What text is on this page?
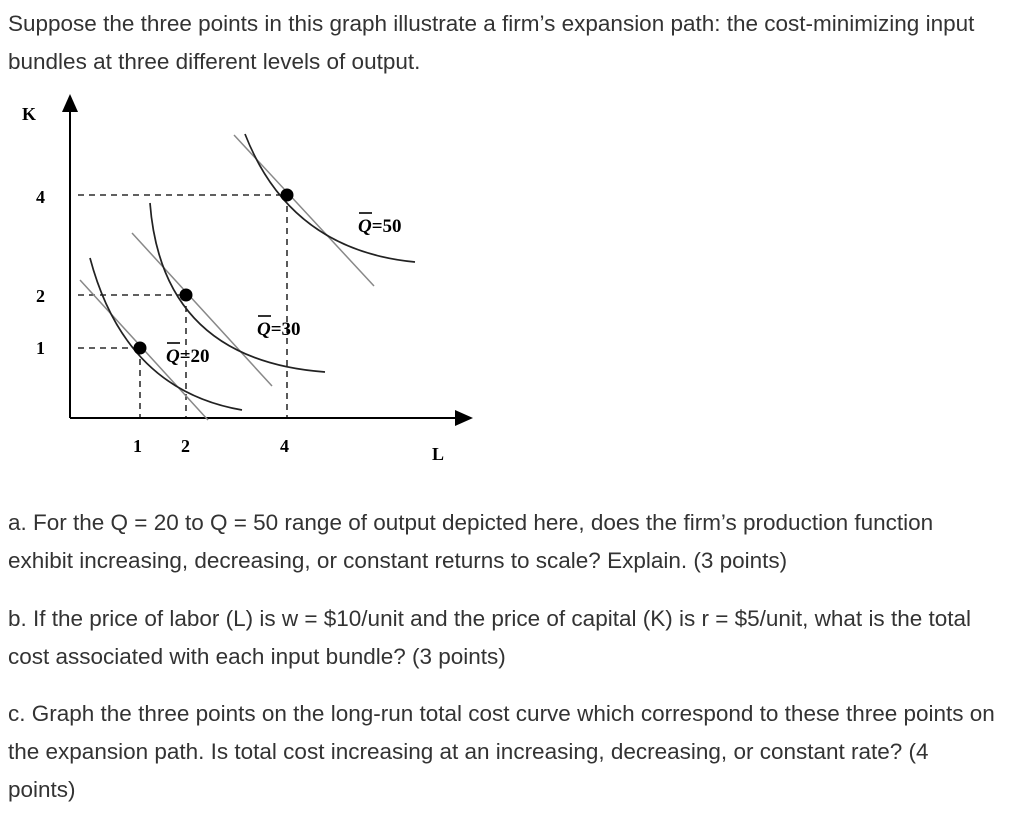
Suppose the three points in this graph illustrate a firm’s expansion path: the cost-minimizing input bundles at three different levels of output.

K
L
4
2
1
1 2	4
Q=20
Q=30
Q=50

a. For the Q = 20 to Q = 50 range of output depicted here, does the firm’s production function exhibit increasing, decreasing, or constant returns to scale? Explain. (3 points)

b. If the price of labor (L) is w = $10/unit and the price of capital (K) is r = $5/unit, what is the total cost associated with each input bundle? (3 points)

c. Graph the three points on the long-run total cost curve which correspond to these three points on the expansion path. Is total cost increasing at an increasing, decreasing, or constant rate? (4 points)
